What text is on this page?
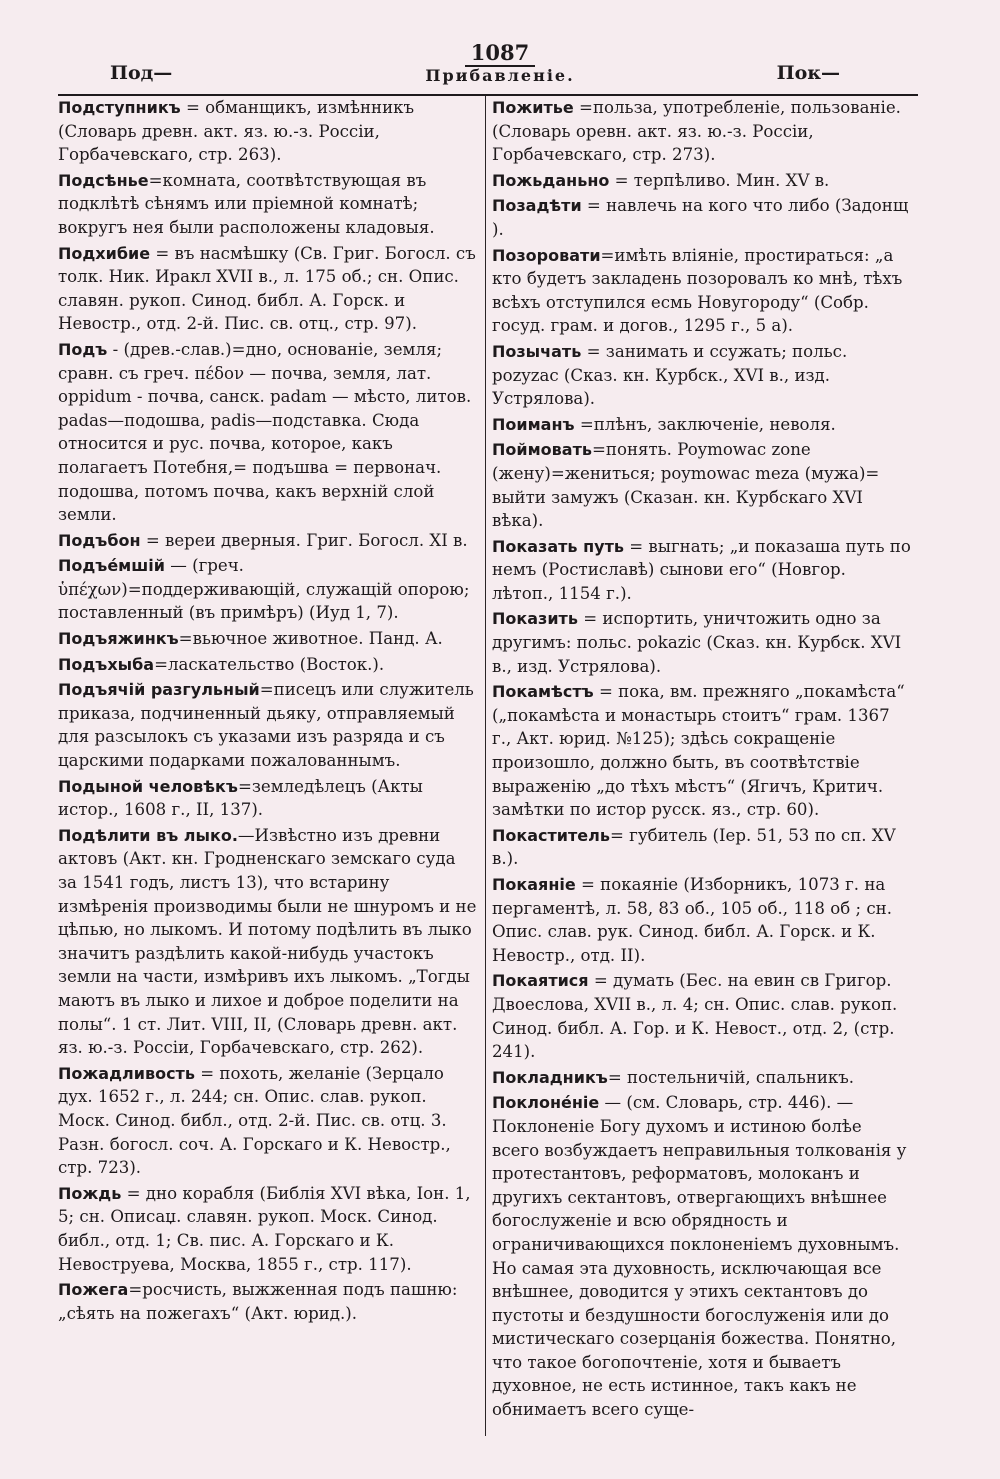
1087
Прибавленіе.
Под—	Пок—
Подступникъ = обманщикъ, измѣнникъ (Словарь древн. акт. яз. ю.-з. Россіи, Горбачевскаго, стр. 263).
Подсѣнье=комната, соотвѣтствующая въ подклѣтѣ сѣнямъ или пріемной комнатѣ; вокругъ нея были расположены кладовыя.
Подхибие = въ насмѣшку (Св. Григ. Богосл. съ толк. Ник. Иракл XVII в., л. 175 об.; сн. Опис. славян. рукоп. Синод. библ. А. Горск. и Невостр., отд. 2-й. Пис. св. отц., стр. 97).
Подъ - (древ.-слав.)=дно, основаніе, земля; сравн. съ греч. πέδον — почва, земля, лат. oppidum - почва, санск. padam — мѣсто, литов. padas—подошва, padis—подставка. Сюда относится и рус. почва, которое, какъ полагаетъ Потебня,= подъшва = первонач. подошва, потомъ почва, какъ верхній слой земли.
Подъбон = вереи дверныя. Григ. Богосл. XI в.
Подъе́мшій — (греч. ὑπέχων)=поддерживающій, служащій опорою; поставленный (въ примѣръ) (Иуд 1, 7).
Подъяжинкъ=вьючное животное. Панд. А.
Подъхыба=ласкательство (Восток.).
Подъячій разгульный=писецъ или служитель приказа, подчиненный дьяку, отправляемый для разсылокъ съ указами изъ разряда и съ царскими подарками пожалованнымъ.
Подыной человѣкъ=земледѣлецъ (Акты истор., 1608 г., II, 137).
Подѣлити въ лыко.—Извѣстно изъ древни актовъ (Акт. кн. Гродненскаго земскаго суда за 1541 годъ, листъ 13), что встарину измѣренія производимы были не шнуромъ и не цѣпью, но лыкомъ. И потому подѣлить въ лыко значитъ раздѣлить какой-нибудь участокъ земли на части, измѣривъ ихъ лыкомъ. „Тогды маютъ въ лыко и лихое и доброе поделити на полы“. 1 ст. Лит. VIII, II, (Словарь древн. акт. яз. ю.-з. Россіи, Горбачевскаго, стр. 262).
Пожадливость = похоть, желаніе (Зерцало дух. 1652 г., л. 244; сн. Опис. слав. рукоп. Моск. Синод. библ., отд. 2-й. Пис. св. отц. 3. Разн. богосл. соч. А. Горскаго и К. Невостр., стр. 723).
Пождь = дно корабля (Библія XVI вѣка, Іон. 1, 5; сн. Описаџ. славян. рукоп. Моск. Синод. библ., отд. 1; Св. пис. А. Горскаго и К. Невоструева, Москва, 1855 г., стр. 117).
Пожега=росчисть, выжженная подъ пашню: „сѣять на пожегахъ“ (Акт. юрид.).
Пожитье =польза, употребленіе, пользованіе. (Словарь оревн. акт. яз. ю.-з. Россіи, Горбачевскаго, стр. 273).
Пожьданьно = терпѣливо. Мин. XV в.
Позадѣти = навлечь на кого что либо (Задонщ ).
Позоровати=имѣть вліяніе, простираться: „а кто будетъ закладень позоровалъ ко мнѣ, тѣхъ всѣхъ отступился есмь Новугороду“ (Собр. госуд. грам. и догов., 1295 г., 5 а).
Позычать = занимать и ссужать; польс. pozyzac (Сказ. кн. Курбск., XVI в., изд. Устрялова).
Поиманъ =плѣнъ, заключеніе, неволя.
Поймовать=понять. Poymowac zone (жену)=жениться; poymowac meza (мужа)= выйти замужъ (Сказан. кн. Курбскаго XVI вѣка).
Показать путь = выгнать; „и показаша путь по немъ (Ростиславѣ) сынови его“ (Новгор. лѣтоп., 1154 г.).
Показить = испортить, уничтожить одно за другимъ: польс. pokazic (Сказ. кн. Курбск. XVI в., изд. Устрялова).
Покамѣстъ = пока, вм. прежняго „покамѣста“ („покамѣста и монастырь стоитъ“ грам. 1367 г., Акт. юрид. №125); здѣсь сокращеніе произошло, должно быть, въ соотвѣтствіе выраженію „до тѣхъ мѣстъ“ (Ягичъ, Критич. замѣтки по истор русск. яз., стр. 60).
Покаститель= губитель (Іер. 51, 53 по сп. XV в.).
Покаяніе = покаяніе (Изборникъ, 1073 г. на пергаментѣ, л. 58, 83 об., 105 об., 118 об ; сн. Опис. слав. рук. Синод. библ. А. Горск. и К. Невостр., отд. II).
Покаятися = думать (Бес. на евин св Григор. Двоеслова, XVII в., л. 4; сн. Опис. слав. рукоп. Синод. библ. А. Гор. и К. Невост., отд. 2, (стр. 241).
Покладникъ= постельничій, спальникъ.
Поклоне́ніе — (см. Словарь, стр. 446). — Поклоненіе Богу духомъ и истиною болѣе всего возбуждаетъ неправильныя толкованія у протестантовъ, реформатовъ, молоканъ и другихъ сектантовъ, отвергающихъ внѣшнее богослуженіе и всю обрядность и ограничивающихся поклоненіемъ духовнымъ. Но самая эта духовность, исключающая все внѣшнее, доводится у этихъ сектантовъ до пустоты и бездушности богослуженія или до мистическаго созерцанія божества. Понятно, что такое богопочтеніе, хотя и бываетъ духовное, не есть истинное, такъ какъ не обнимаетъ всего суще-
